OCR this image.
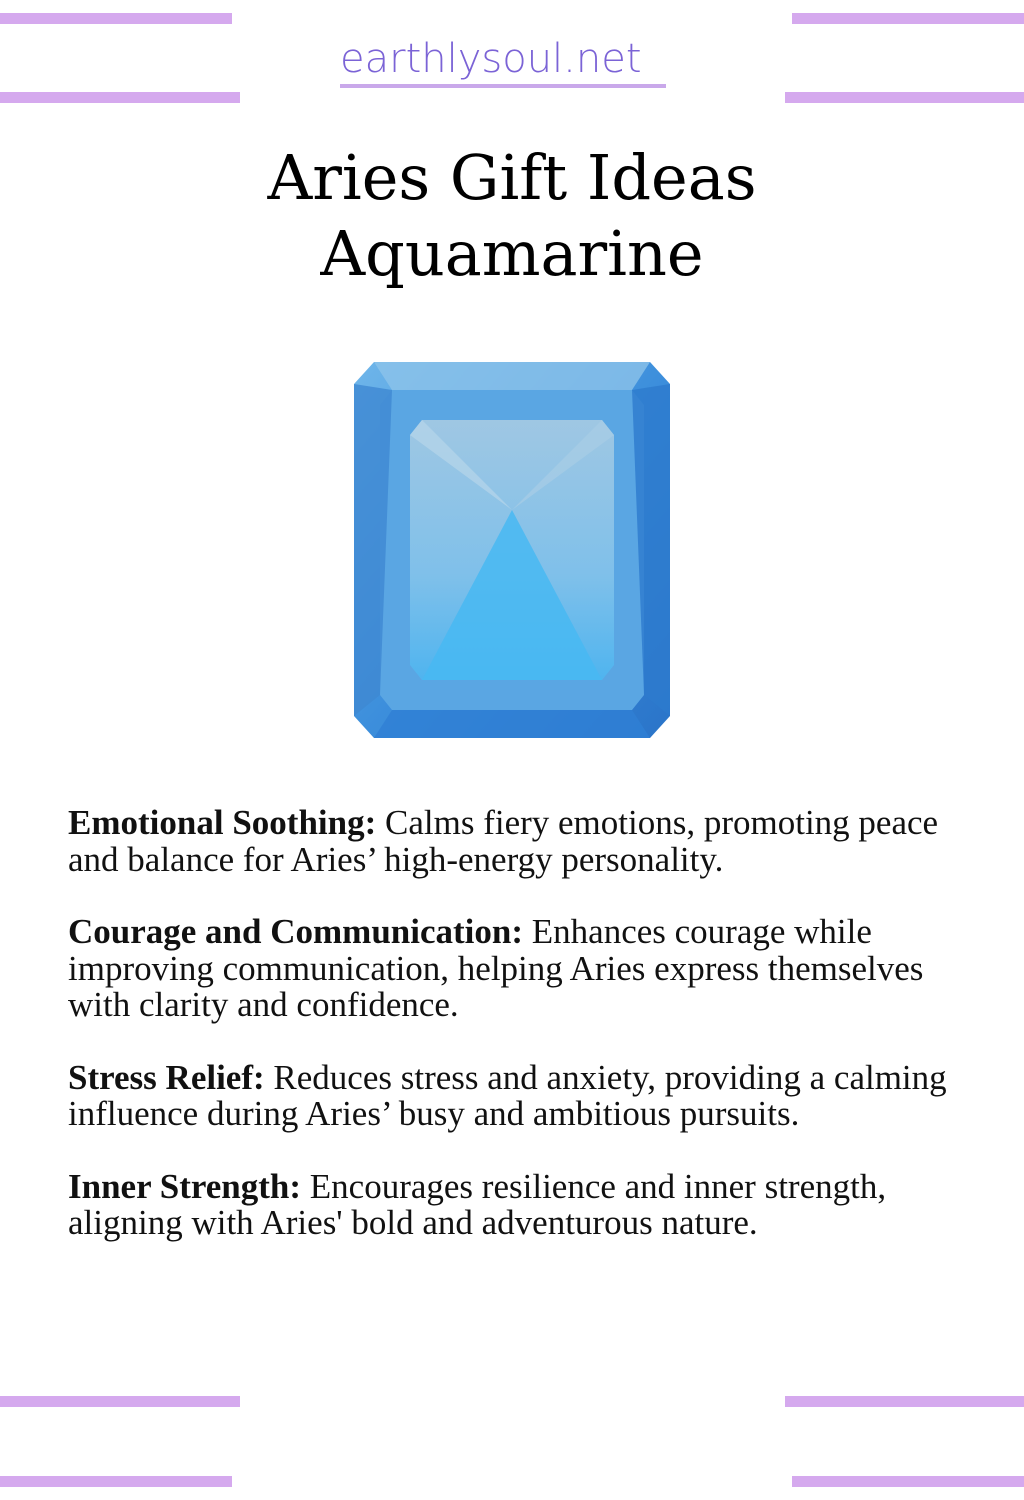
earthlysoul.net
Aries Gift Ideas
Aquamarine

Emotional Soothing: Calms fiery emotions, promoting peace and balance for Aries’ high-energy personality.

Courage and Communication: Enhances courage while improving communication, helping Aries express themselves with clarity and confidence.

Stress Relief: Reduces stress and anxiety, providing a calming influence during Aries’ busy and ambitious pursuits.

Inner Strength: Encourages resilience and inner strength, aligning with Aries' bold and adventurous nature.
